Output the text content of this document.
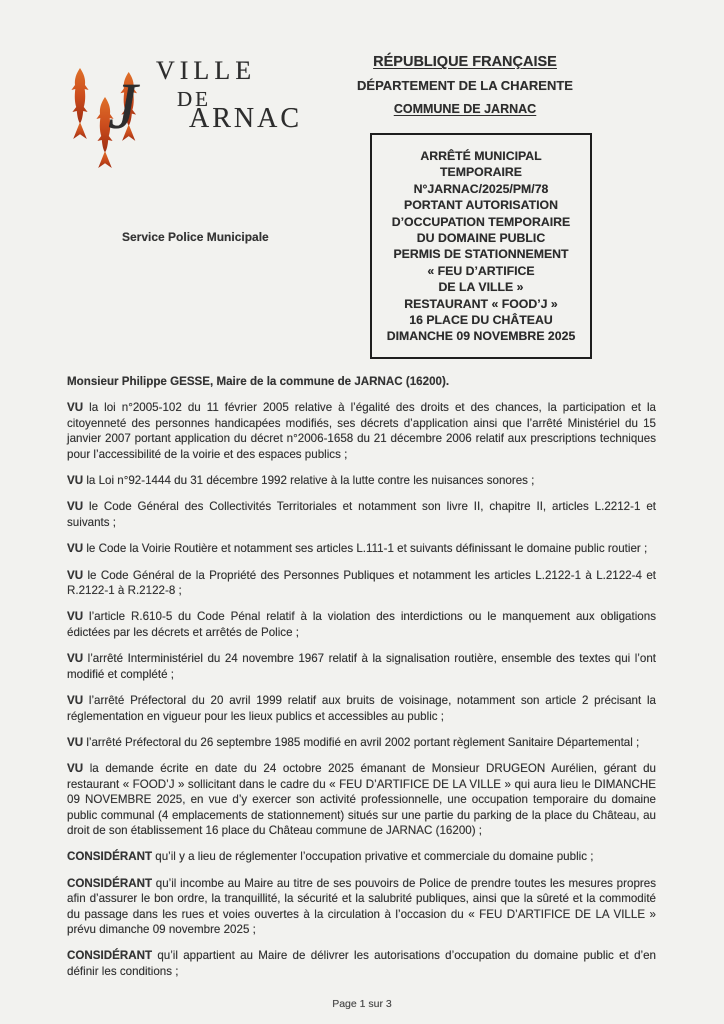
VILLE
DE
J ARNAC
Service Police Municipale

RÉPUBLIQUE FRANÇAISE

DÉPARTEMENT DE LA CHARENTE

COMMUNE DE JARNAC

ARRÊTÉ MUNICIPAL
TEMPORAIRE
N°JARNAC/2025/PM/78
PORTANT AUTORISATION
D’OCCUPATION TEMPORAIRE
DU DOMAINE PUBLIC
PERMIS DE STATIONNEMENT
« FEU D’ARTIFICE
DE LA VILLE »
RESTAURANT « FOOD’J »
16 PLACE DU CHÂTEAU
DIMANCHE 09 NOVEMBRE 2025

Monsieur Philippe GESSE, Maire de la commune de JARNAC (16200).

VU la loi n°2005-102 du 11 février 2005 relative à l’égalité des droits et des chances, la participation et la citoyenneté des personnes handicapées modifiés, ses décrets d’application ainsi que l’arrêté Ministériel du 15 janvier 2007 portant application du décret n°2006-1658 du 21 décembre 2006 relatif aux prescriptions techniques pour l’accessibilité de la voirie et des espaces publics ;

VU la Loi n°92-1444 du 31 décembre 1992 relative à la lutte contre les nuisances sonores ;

VU le Code Général des Collectivités Territoriales et notamment son livre II, chapitre II, articles L.2212-1 et suivants ;

VU le Code la Voirie Routière et notamment ses articles L.111-1 et suivants définissant le domaine public routier ;

VU le Code Général de la Propriété des Personnes Publiques et notamment les articles L.2122-1 à L.2122-4 et R.2122-1 à R.2122-8 ;

VU l’article R.610-5 du Code Pénal relatif à la violation des interdictions ou le manquement aux obligations édictées par les décrets et arrêtés de Police ;

VU l’arrêté Interministériel du 24 novembre 1967 relatif à la signalisation routière, ensemble des textes qui l’ont modifié et complété ;

VU l’arrêté Préfectoral du 20 avril 1999 relatif aux bruits de voisinage, notamment son article 2 précisant la réglementation en vigueur pour les lieux publics et accessibles au public ;

VU l’arrêté Préfectoral du 26 septembre 1985 modifié en avril 2002 portant règlement Sanitaire Départemental ;

VU la demande écrite en date du 24 octobre 2025 émanant de Monsieur DRUGEON Aurélien, gérant du restaurant « FOOD’J » sollicitant dans le cadre du « FEU D’ARTIFICE DE LA VILLE » qui aura lieu le DIMANCHE 09 NOVEMBRE 2025, en vue d’y exercer son activité professionnelle, une occupation temporaire du domaine public communal (4 emplacements de stationnement) situés sur une partie du parking de la place du Château, au droit de son établissement 16 place du Château commune de JARNAC (16200) ;

CONSIDÉRANT qu’il y a lieu de réglementer l’occupation privative et commerciale du domaine public ;

CONSIDÉRANT qu’il incombe au Maire au titre de ses pouvoirs de Police de prendre toutes les mesures propres afin d’assurer le bon ordre, la tranquillité, la sécurité et la salubrité publiques, ainsi que la sûreté et la commodité du passage dans les rues et voies ouvertes à la circulation à l’occasion du « FEU D’ARTIFICE DE LA VILLE » prévu dimanche 09 novembre 2025 ;

CONSIDÉRANT qu’il appartient au Maire de délivrer les autorisations d’occupation du domaine public et d’en définir les conditions ;

Page 1 sur 3
